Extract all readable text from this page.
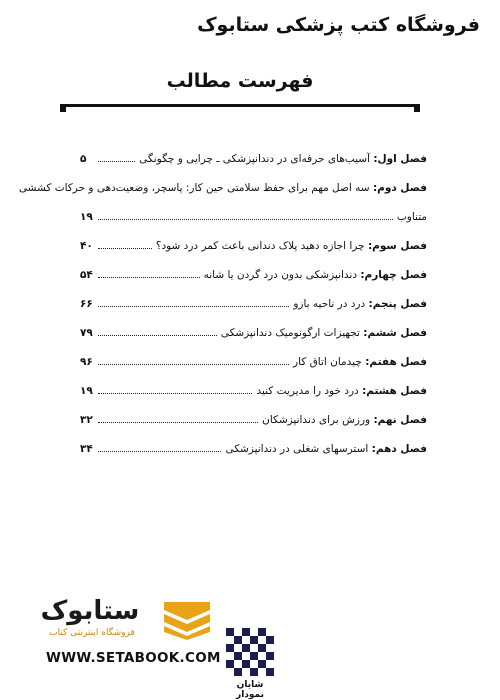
فروشگاه کتب پزشکی ستابوک
فهرست مطالب
فصل اول: آسیب‌های حرفه‌ای در دندانپزشکی ـ چرایی و چگونگی
۵
فصل دوم: سه اصل مهم برای حفظ سلامتی حین کار: پاسچر، وضعیت‌دهی و حرکات کششی
متناوب
۱۹
فصل سوم: چرا اجازه دهید پلاک دندانی باعث کمر درد شود؟
۴۰
فصل چهارم: دندانپزشکی بدون درد گردن یا شانه
۵۴
فصل پنجم: درد در ناحیه بازو
۶۶
فصل ششم: تجهیزات ارگونومیک دندانپزشکی
۷۹
فصل هفتم: چیدمان اتاق کار
۹۶
فصل هشتم: درد خود را مدیریت کنید
۱۹
فصل نهم: ورزش برای دندانپزشکان
۳۲
فصل دهم: استرسهای شغلی در دندانپزشکی
۳۴
ستابوک
فروشگاه اینترنتی کتاب
WWW.SETABOOK.COM
شایان نمودار
